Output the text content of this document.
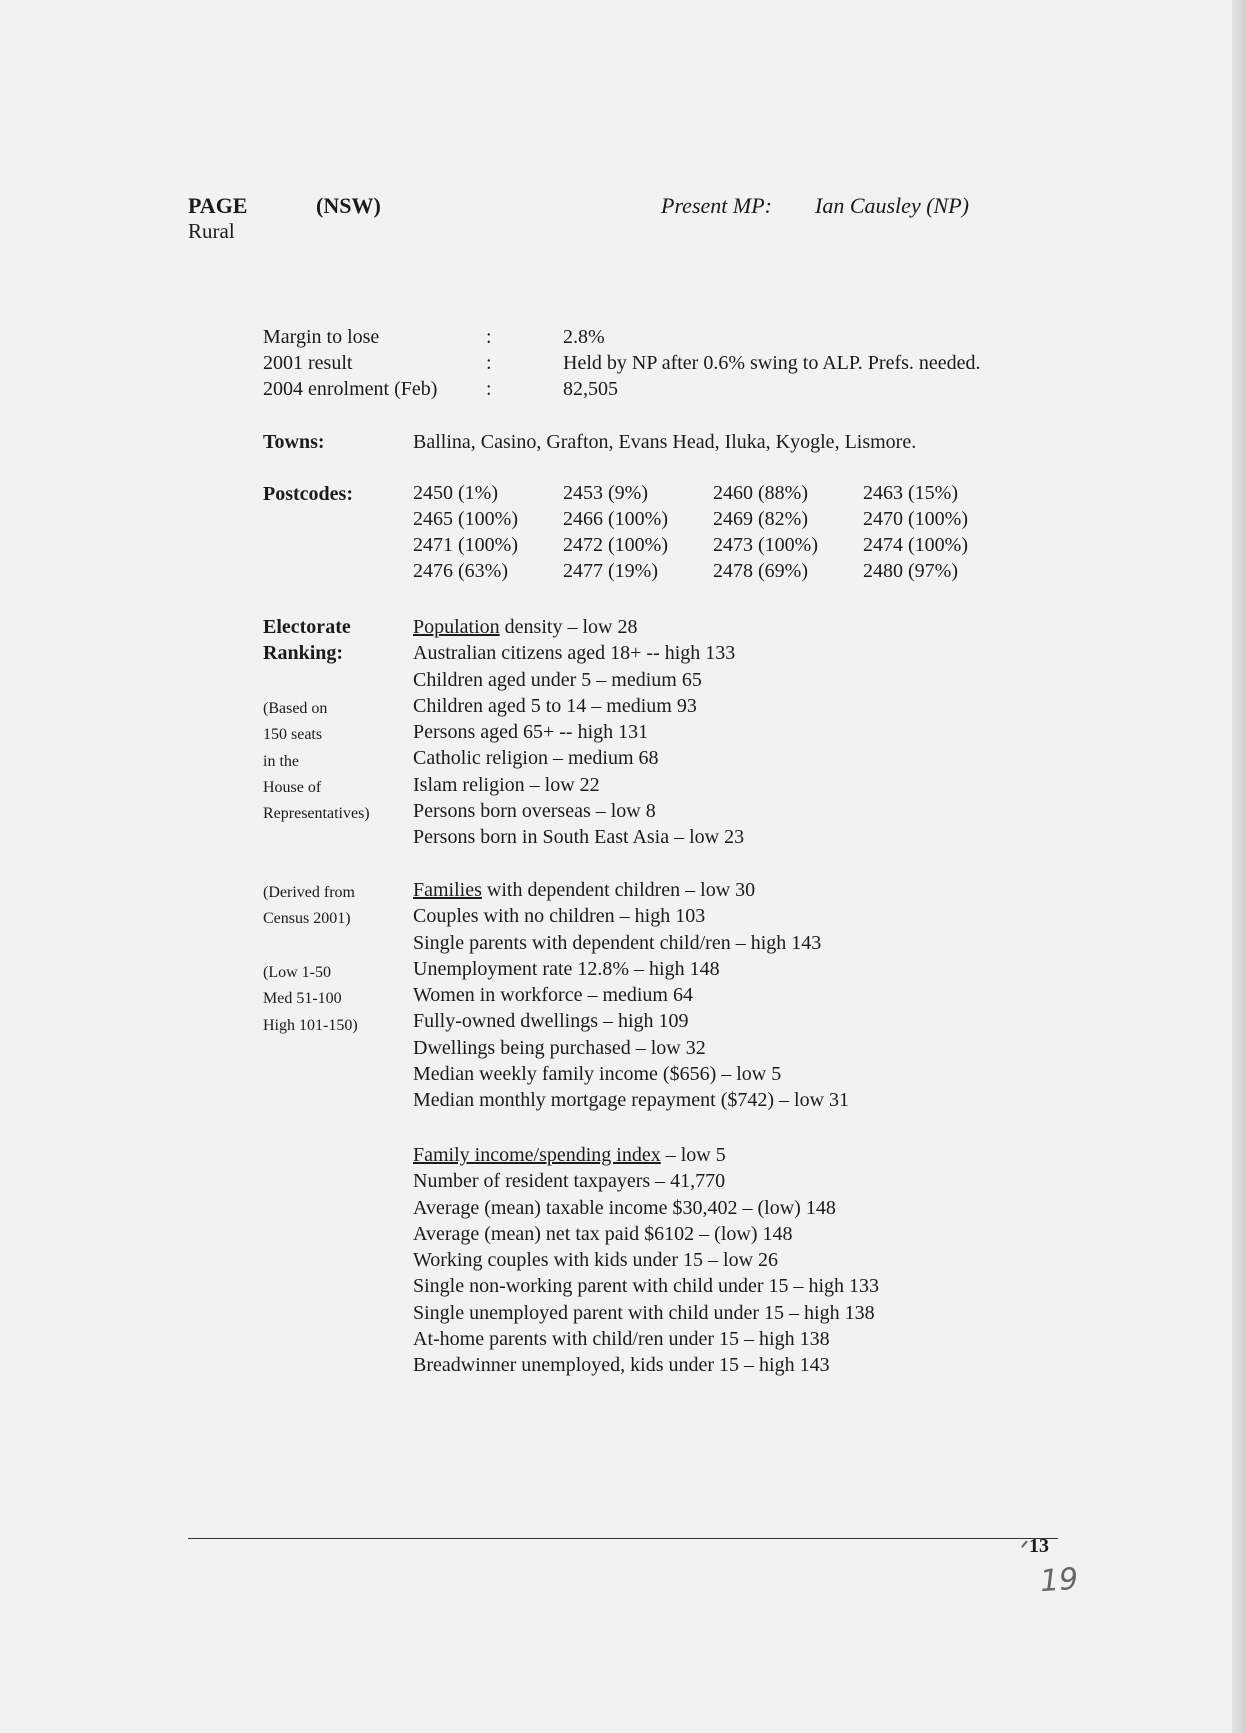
PAGE	(NSW)	Present MP: Ian Causley (NP)
Rural
Margin to lose	:	2.8%
2001 result	:	Held by NP after 0.6% swing to ALP. Prefs. needed.
2004 enrolment (Feb) :	82,505
Towns:	Ballina, Casino, Grafton, Evans Head, Iluka, Kyogle, Lismore.
Postcodes:	2450 (1%)	2453 (9%)	2460 (88%)	2463 (15%)
2465 (100%)	2466 (100%)	2469 (82%)	2470 (100%)
2471 (100%)	2472 (100%)	2473 (100%)	2474 (100%)
2476 (63%)	2477 (19%)	2478 (69%)	2480 (97%)
Electorate
Ranking:
(Based on
150 seats
in the
House of
Representatives)
(Derived from
Census 2001)
(Low 1-50
Med 51-100
High 101-150)
Population density – low 28
Australian citizens aged 18+ -- high 133
Children aged under 5 – medium 65
Children aged 5 to 14 – medium 93
Persons aged 65+ -- high 131
Catholic religion – medium 68
Islam religion – low 22
Persons born overseas – low 8
Persons born in South East Asia – low 23
Families with dependent children – low 30
Couples with no children – high 103
Single parents with dependent child/ren – high 143
Unemployment rate 12.8% – high 148
Women in workforce – medium 64
Fully-owned dwellings – high 109
Dwellings being purchased – low 32
Median weekly family income ($656) – low 5
Median monthly mortgage repayment ($742) – low 31
Family income/spending index – low 5
Number of resident taxpayers – 41,770
Average (mean) taxable income $30,402 – (low) 148
Average (mean) net tax paid $6102 – (low) 148
Working couples with kids under 15 – low 26
Single non-working parent with child under 15 – high 133
Single unemployed parent with child under 15 – high 138
At-home parents with child/ren under 15 – high 138
Breadwinner unemployed, kids under 15 – high 143
13
19
